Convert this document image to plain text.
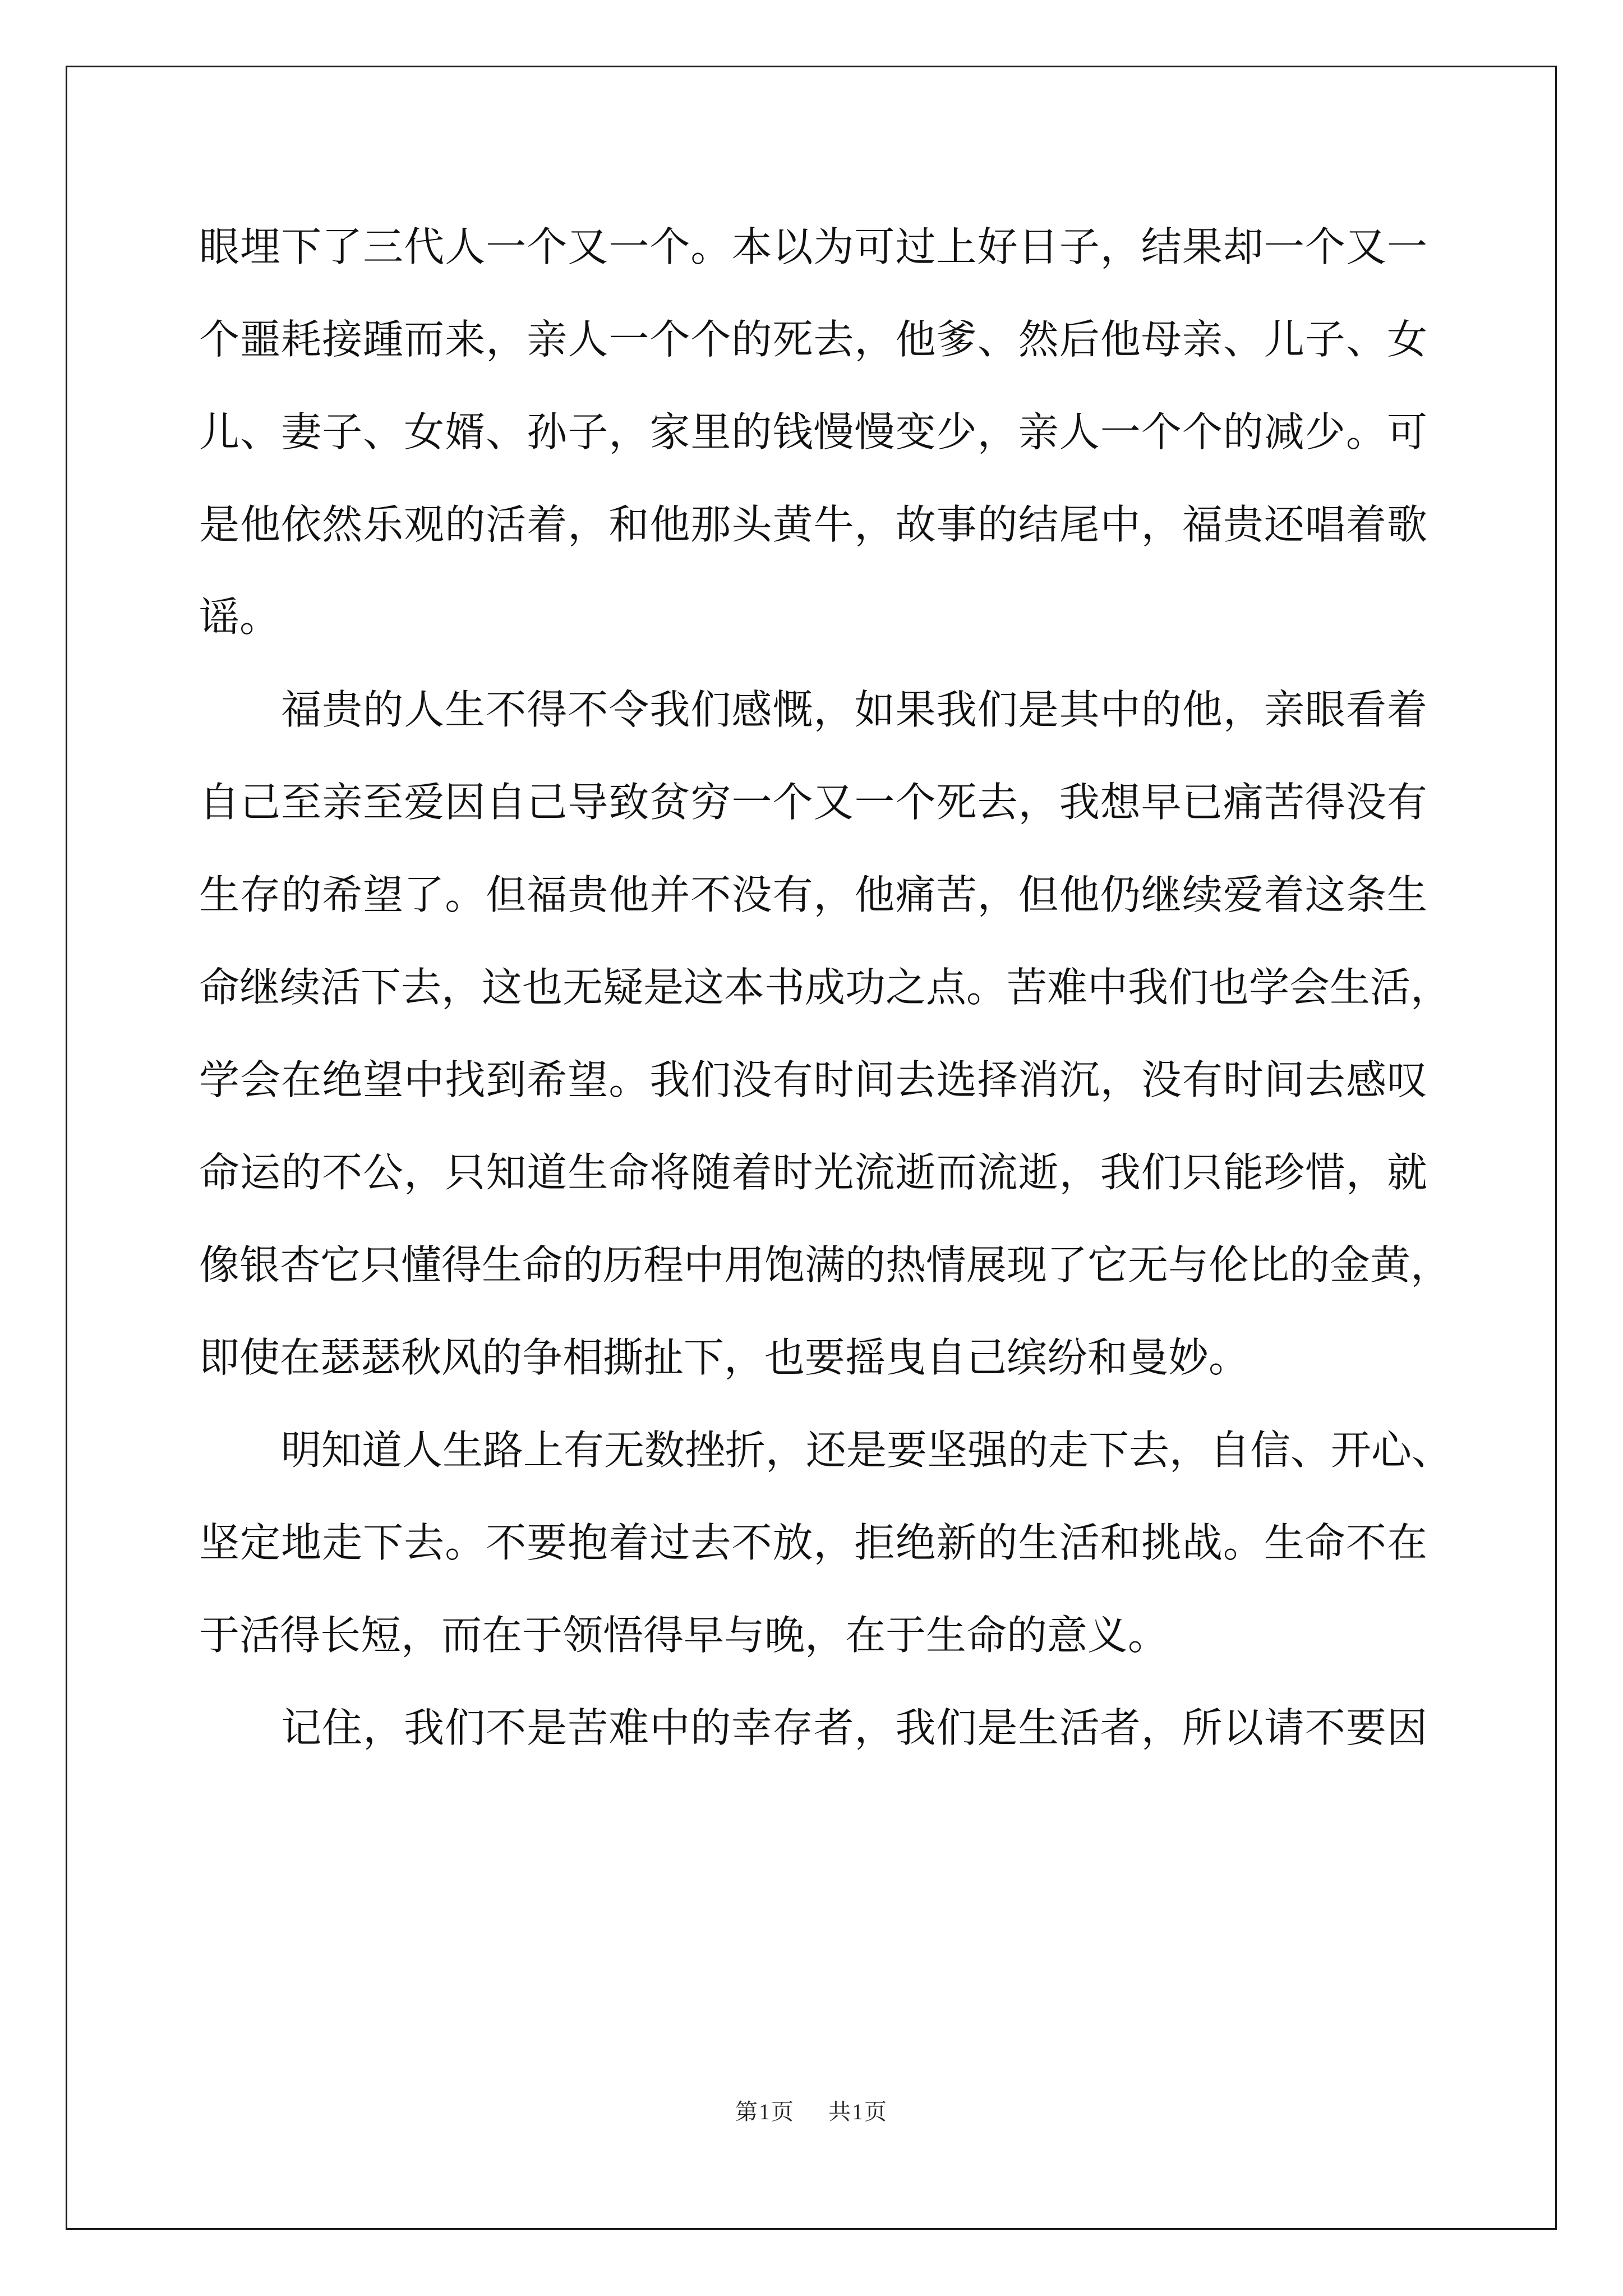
眼埋下了三代人一个又一个。本以为可过上好日子，结果却一个又一
个噩耗接踵而来，亲人一个个的死去，他爹、然后他母亲、儿子、女
儿、妻子、女婿、孙子，家里的钱慢慢变少，亲人一个个的减少。可
是他依然乐观的活着，和他那头黄牛，故事的结尾中，福贵还唱着歌
谣。
福贵的人生不得不令我们感慨，如果我们是其中的他，亲眼看着
自己至亲至爱因自己导致贫穷一个又一个死去，我想早已痛苦得没有
生存的希望了。但福贵他并不没有，他痛苦，但他仍继续爱着这条生
命继续活下去，这也无疑是这本书成功之点。苦难中我们也学会生活，
学会在绝望中找到希望。我们没有时间去选择消沉，没有时间去感叹
命运的不公，只知道生命将随着时光流逝而流逝，我们只能珍惜，就
像银杏它只懂得生命的历程中用饱满的热情展现了它无与伦比的金黄，
即使在瑟瑟秋风的争相撕扯下，也要摇曳自己缤纷和曼妙。
明知道人生路上有无数挫折，还是要坚强的走下去，自信、开心、
坚定地走下去。不要抱着过去不放，拒绝新的生活和挑战。生命不在
于活得长短，而在于领悟得早与晚，在于生命的意义。
记住，我们不是苦难中的幸存者，我们是生活者，所以请不要因
第1页 共1页
